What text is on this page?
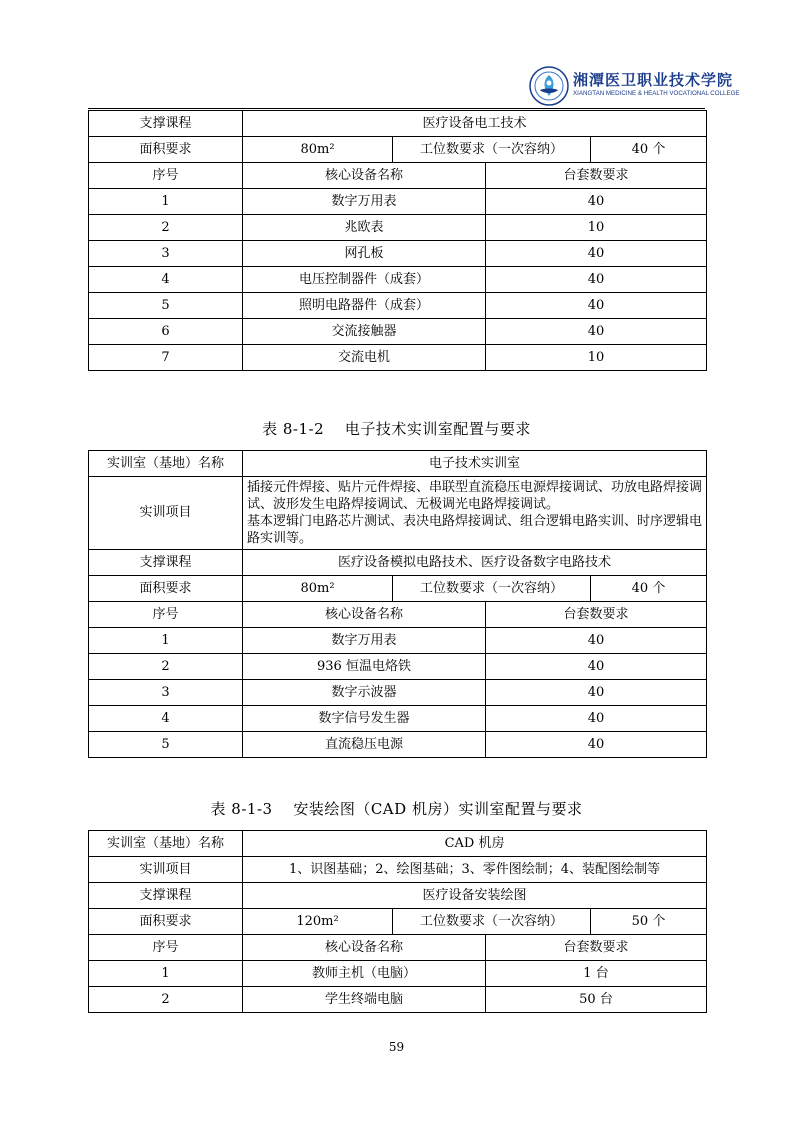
湘潭医卫职业技术学院
XIANGTAN MEDICINE & HEALTH VOCATIONAL COLLEGE
支撑课程	医疗设备电工技术			
面积要求	80m²	工位数要求（一次容纳）		40 个
序号	核心设备名称		台套数要求	
1	数字万用表		40	
2	兆欧表		10	
3	网孔板		40	
4	电压控制器件（成套）		40	
5	照明电路器件（成套）		40	
6	交流接触器		40	
7	交流电机		10	
表 8-1-2　 电子技术实训室配置与要求
实训室（基地）名称	电子技术实训室			
实训项目	插接元件焊接、贴片元件焊接、串联型直流稳压电源焊接调试、功放电路焊接调试、波形发生电路焊接调试、无极调光电路焊接调试。
基本逻辑门电路芯片测试、表决电路焊接调试、组合逻辑电路实训、时序逻辑电路实训等。			

支撑课程	医疗设备模拟电路技术、医疗设备数字电路技术			
面积要求	80m²	工位数要求（一次容纳）		40 个
序号	核心设备名称		台套数要求	
1	数字万用表		40	
2	936 恒温电烙铁		40	
3	数字示波器		40	
4	数字信号发生器		40	
5	直流稳压电源		40	
表 8-1-3　 安装绘图（CAD 机房）实训室配置与要求
实训室（基地）名称	CAD 机房			
实训项目	1、识图基础；2、绘图基础；3、零件图绘制；4、装配图绘制等			
支撑课程	医疗设备安装绘图			
面积要求	120m²	工位数要求（一次容纳）		50 个
序号	核心设备名称		台套数要求	
1	教师主机（电脑）		1 台	
2	学生终端电脑		50 台	
59
